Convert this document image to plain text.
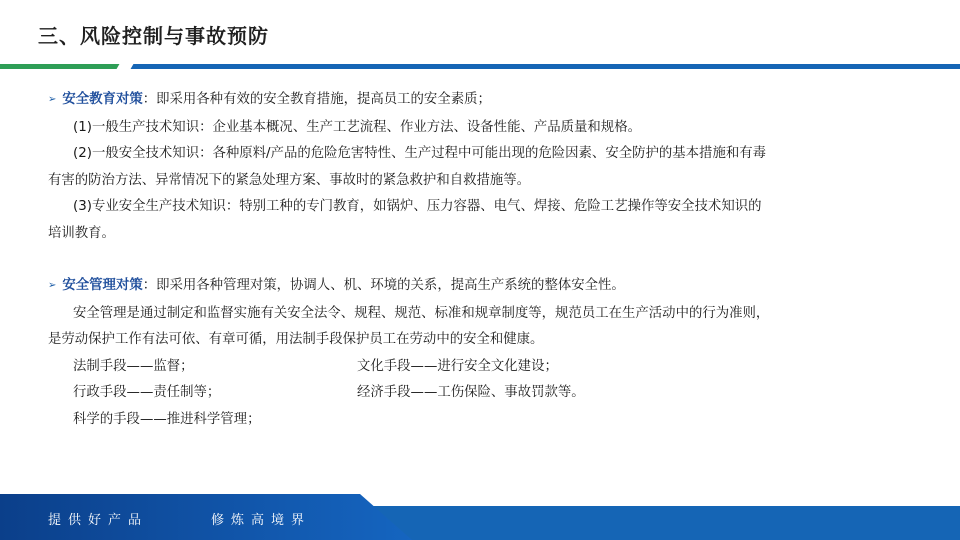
三、风险控制与事故预防
➢ 安全教育对策：即采用各种有效的安全教育措施，提高员工的安全素质；
(1)一般生产技术知识：企业基本概况、生产工艺流程、作业方法、设备性能、产品质量和规格。
(2)一般安全技术知识：各种原料/产品的危险危害特性、生产过程中可能出现的危险因素、安全防护的基本措施和有毒
有害的防治方法、异常情况下的紧急处理方案、事故时的紧急救护和自救措施等。
(3)专业安全生产技术知识：特别工种的专门教育，如锅炉、压力容器、电气、焊接、危险工艺操作等安全技术知识的
培训教育。
➢ 安全管理对策：即采用各种管理对策，协调人、机、环境的关系，提高生产系统的整体安全性。
安全管理是通过制定和监督实施有关安全法令、规程、规范、标准和规章制度等，规范员工在生产活动中的行为准则，
是劳动保护工作有法可依、有章可循，用法制手段保护员工在劳动中的安全和健康。
法制手段——监督；	文化手段——进行安全文化建设；
行政手段——责任制等；	经济手段——工伤保险、事故罚款等。
科学的手段——推进科学管理；
提供好产品	修炼高境界
